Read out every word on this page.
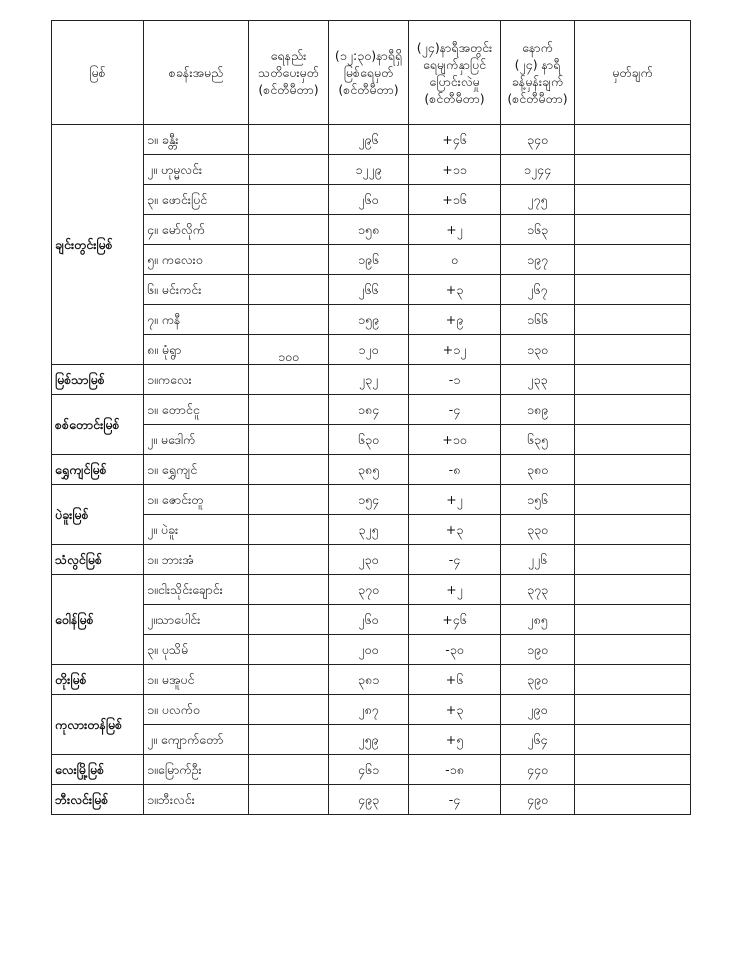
မြစ်	စခန်းအမည်	ရေနည်း
သတိပေးမှတ်
(စင်တီမီတာ)	(၁၂:၃၀)နာရီရှိ
မြစ်ရေမှတ်
(စင်တီမီတာ)	(၂၄)နာရီအတွင်း
ရေမျက်နှာပြင်
ပြောင်းလဲမှု
(စင်တီမီတာ)	နောက်
(၂၄) နာရီ
ခန့်မှန်းချက်
(စင်တီမီတာ)	မှတ်ချက်
ချင်းတွင်းမြစ်	၁။ ခန္တီး		၂၉၆	+၄၆	၃၄၀	
	၂။ ဟုမ္မလင်း		၁၂၂၉	+၁၁	၁၂၄၄	
	၃။ ဖောင်းပြင်		၂၆၀	+၁၆	၂၇၅	
	၄။ မော်လိုက်		၁၅၈	+၂	၁၆၃	
	၅။ ကလေးဝ		၁၉၆	၀	၁၉၇	
	၆။ မင်းကင်း		၂၆၆	+၃	၂၆၇	
	၇။ ကနီ		၁၅၉	+၉	၁၆၆	
	၈။ မုံရွာ	၁၀၀	၁၂၀	+၁၂	၁၃၀	
မြစ်သာမြစ်	၁။ကလေး		၂၃၂	-၁	၂၃၃	
စစ်တောင်းမြစ်	၁။ တောင်ငူ		၁၈၄	-၄	၁၈၉	
	၂။ မဒေါက်		၆၃၀	+၁၀	၆၃၅	
ရွှေကျင်မြစ်	၁။ ရွှေကျင်		၃၈၅	-၈	၃၈၀	
ပဲခူးမြစ်	၁။ ဇောင်းတူ		၁၅၄	+၂	၁၅၆	
	၂။ ပဲခူး		၃၂၅	+၃	၃၃၀	
သံလွင်မြစ်	၁။ ဘားအံ		၂၃၀	-၄	၂၂၆	
ဝေါန်မြစ်	၁။ငါးသိုင်းချောင်း		၃၇၀	+၂	၃၇၃	
	၂။သာပေါင်း		၂၆၀	+၄၆	၂၈၅	
	၃။ ပုသိမ်		၂၀၀	-၃၀	၁၉၀	
တိုးမြစ်	၁။ မအူပင်		၃၈၁	+၆	၃၉၀	
ကုလားတန်မြစ်	၁။ ပလက်ဝ		၂၈၇	+၃	၂၉၀	
	၂။ ကျောက်တော်		၂၅၉	+၅	၂၆၄	
လေးမြို့မြစ်	၁။မြောက်ဦး		၄၆၁	-၁၈	၄၄၀	
ဘီးလင်းမြစ်	၁။ဘီးလင်း		၄၉၃	-၄	၄၉၀	
